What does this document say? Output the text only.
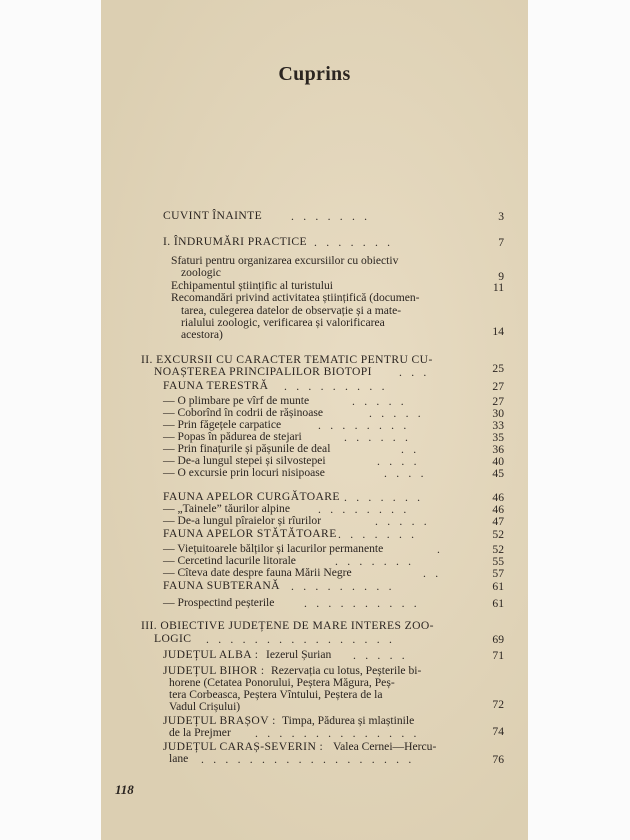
Cuprins
CUVINT ÎNAINTE . . . . . . .	3
I. ÎNDRUMĂRI PRACTICE . . . . . . .	7
Sfaturi pentru organizarea excursiilor cu obiectiv
zoologic	9
Echipamentul științific al turistului	11
Recomandări privind activitatea științifică (documen-
tarea, culegerea datelor de observație și a mate-
rialului zoologic, verificarea și valorificarea
acestora)	14
II. EXCURSII CU CARACTER TEMATIC PENTRU CU-
NOAȘTEREA PRINCIPALILOR BIOTOPI . . .	25
FAUNA TERESTRĂ . . . . . . . . .	27
— O plimbare pe vîrf de munte	. . . . .	27
— Coborînd în codrii de rășinoase	. . . . .	30
— Prin făgețele carpatice	. . . . . . . .	33
— Popas în pădurea de stejari	. . . . . .	35
— Prin finațurile și pășunile de deal	. .	36
— De-a lungul stepei și silvostepei	. . . .	40
— O excursie prin locuri nisipoase	. . . .	45
FAUNA APELOR CURGĂTOARE . . . . . . .	46
— „Tainele” tăurilor alpine . . . . . . . .	46
— De-a lungul pîraielor și rîurilor	. . . . .	47
FAUNA APELOR STĂTĂTOARE . . . . . . .	52
— Viețuitoarele bălților și lacurilor permanente	.	52
— Cercetind lacurile litorale	. . . . . . .	55
— Cîteva date despre fauna Mării Negre	. .	57
FAUNA SUBTERANĂ . . . . . . . . .	61
— Prospectind peșterile	. . . . . . . . . .	61
III. OBIECTIVE JUDEȚENE DE MARE INTERES ZOO-
LOGIC . . . . . . . . . . . . . . . .	69
JUDEȚUL ALBA : Iezerul Șurian . . . . .	71
JUDEȚUL BIHOR : Rezervația cu lotus, Peșterile bi-
horene (Cetatea Ponorului, Peștera Măgura, Peș-
tera Corbeasca, Peștera Vîntului, Peștera de la
Vadul Crișului)	72
JUDEȚUL BRAȘOV : Timpa, Pădurea și mlaștinile
de la Prejmer . . . . . . . . . . . . . .	74
JUDEȚUL CARAȘ-SEVERIN : Valea Cernei—Hercu-
lane . . . . . . . . . . . . . . . . . .	76
118
